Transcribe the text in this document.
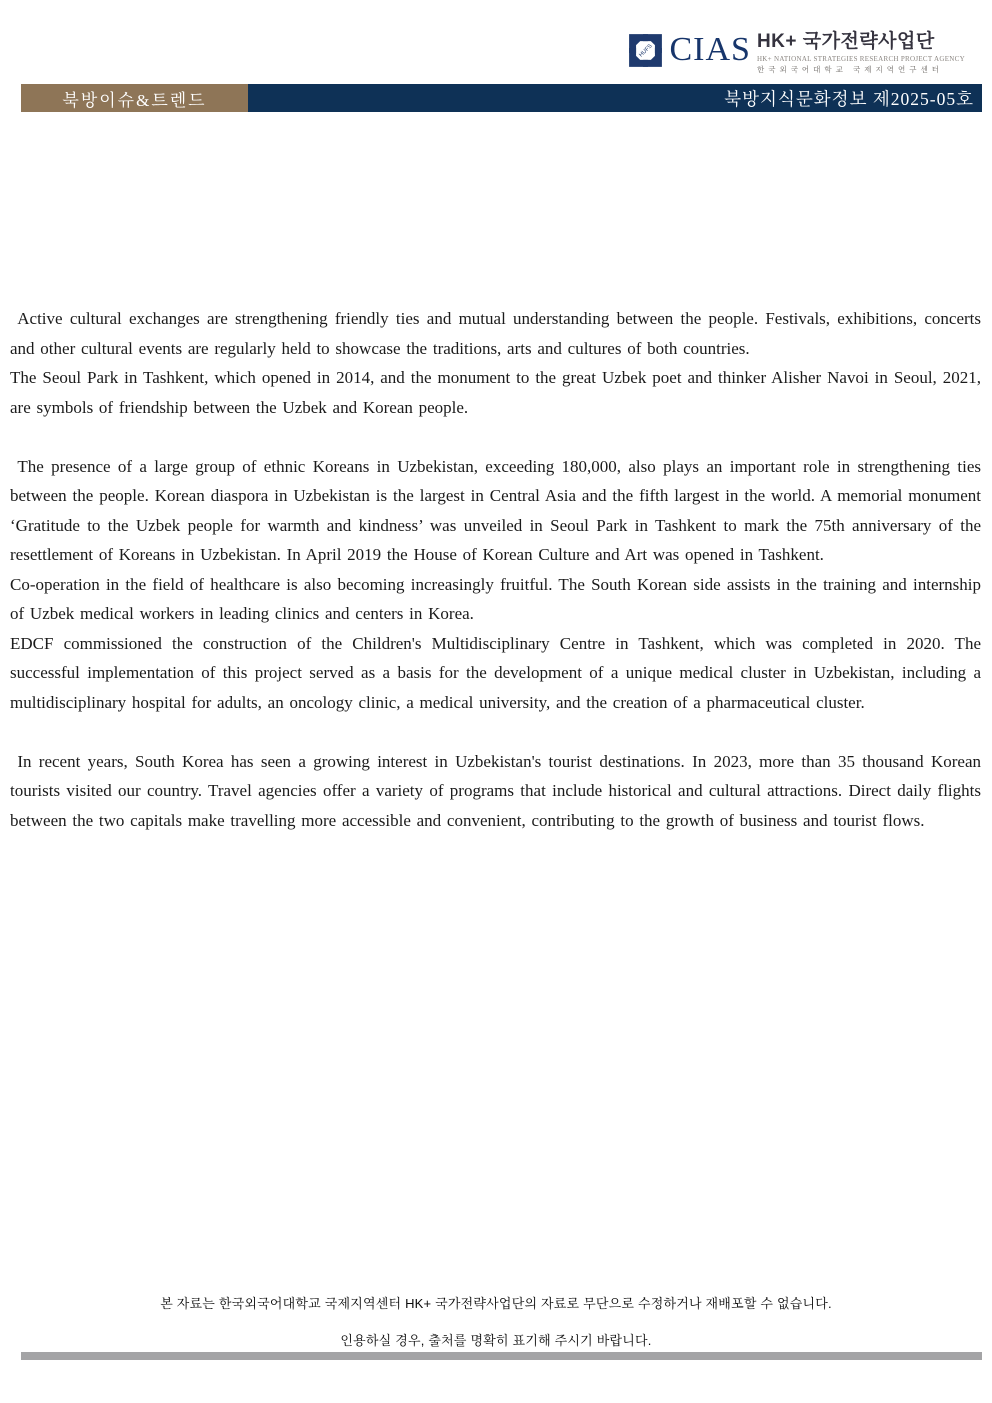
HUFS CIAS HK+ 국가전략사업단
HK+ NATIONAL STRATEGIES RESEARCH PROJECT AGENCY
한국외국어대학교 국제지역연구센터
북방이슈&트렌드	북방지식문화정보 제2025-05호

Active cultural exchanges are strengthening friendly ties and mutual understanding between the people. Festivals, exhibitions, concerts and other cultural events are regularly held to showcase the traditions, arts and cultures of both countries.

The Seoul Park in Tashkent, which opened in 2014, and the monument to the great Uzbek poet and thinker Alisher Navoi in Seoul, 2021, are symbols of friendship between the Uzbek and Korean people.

The presence of a large group of ethnic Koreans in Uzbekistan, exceeding 180,000, also plays an important role in strengthening ties between the people. Korean diaspora in Uzbekistan is the largest in Central Asia and the fifth largest in the world. A memorial monument ‘Gratitude to the Uzbek people for warmth and kindness’ was unveiled in Seoul Park in Tashkent to mark the 75th anniversary of the resettlement of Koreans in Uzbekistan. In April 2019 the House of Korean Culture and Art was opened in Tashkent.

Co-operation in the field of healthcare is also becoming increasingly fruitful. The South Korean side assists in the training and internship of Uzbek medical workers in leading clinics and centers in Korea.

EDCF commissioned the construction of the Children's Multidisciplinary Centre in Tashkent, which was completed in 2020. The successful implementation of this project served as a basis for the development of a unique medical cluster in Uzbekistan, including a multidisciplinary hospital for adults, an oncology clinic, a medical university, and the creation of a pharmaceutical cluster.

In recent years, South Korea has seen a growing interest in Uzbekistan's tourist destinations. In 2023, more than 35 thousand Korean tourists visited our country. Travel agencies offer a variety of programs that include historical and cultural attractions. Direct daily flights between the two capitals make travelling more accessible and convenient, contributing to the growth of business and tourist flows.

본 자료는 한국외국어대학교 국제지역센터 HK+ 국가전략사업단의 자료로 무단으로 수정하거나 재배포할 수 없습니다.
인용하실 경우, 출처를 명확히 표기해 주시기 바랍니다.
